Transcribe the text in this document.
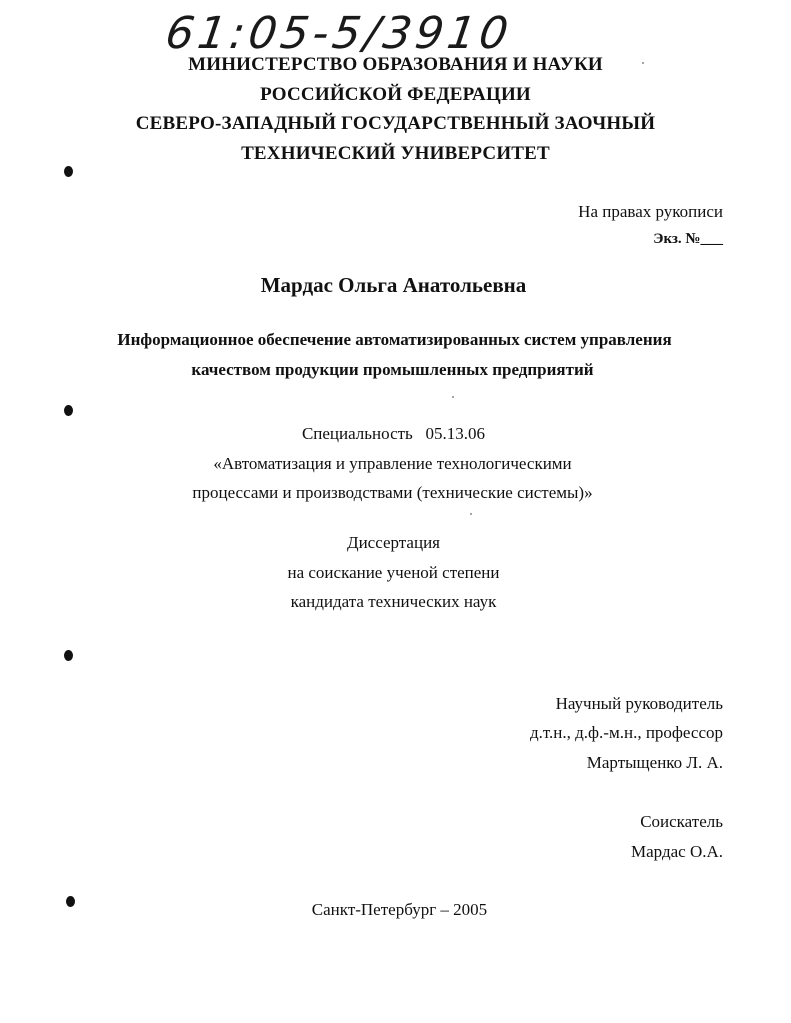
61:05-5/3910
МИНИСТЕРСТВО ОБРАЗОВАНИЯ И НАУКИ
РОССИЙСКОЙ ФЕДЕРАЦИИ
СЕВЕРО-ЗАПАДНЫЙ ГОСУДАРСТВЕННЫЙ ЗАОЧНЫЙ
ТЕХНИЧЕСКИЙ УНИВЕРСИТЕТ
На правах рукописи
Экз. №___
Мардас Ольга Анатольевна
Информационное обеспечение автоматизированных систем управления
качеством продукции промышленных предприятий
Специальность 05.13.06
«Автоматизация и управление технологическими
процессами и производствами (технические системы)»
Диссертация
на соискание ученой степени
кандидата технических наук
Научный руководитель
д.т.н., д.ф.-м.н., профессор
Мартыщенко Л. А.
Соискатель
Мардас О.А.
Санкт-Петербург – 2005
